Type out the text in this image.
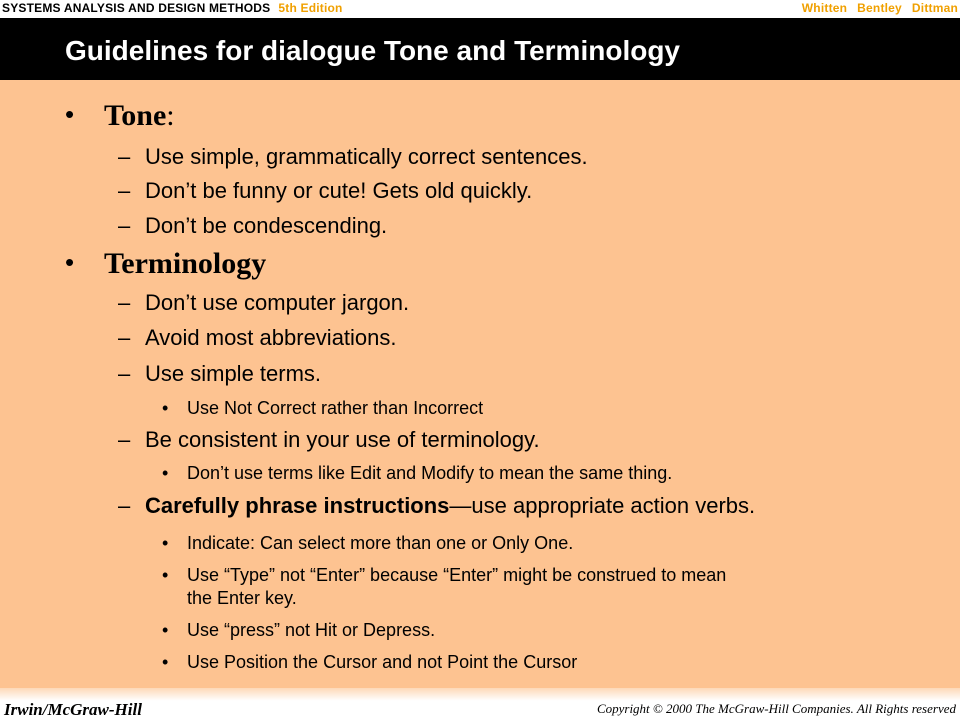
SYSTEMS ANALYSIS AND DESIGN METHODS 5th Edition	Whitten Bentley Dittman
Guidelines for dialogue Tone and Terminology
• Tone:
– Use simple, grammatically correct sentences.
– Don’t be funny or cute! Gets old quickly.
– Don’t be condescending.
• Terminology
– Don’t use computer jargon.
– Avoid most abbreviations.
– Use simple terms.
• Use Not Correct rather than Incorrect
– Be consistent in your use of terminology.
• Don’t use terms like Edit and Modify to mean the same thing.
– Carefully phrase instructions—use appropriate action verbs.
• Indicate: Can select more than one or Only One.
• Use “Type” not “Enter” because “Enter” might be construed to mean
the Enter key.
• Use “press” not Hit or Depress.
• Use Position the Cursor and not Point the Cursor
Irwin/McGraw-Hill	Copyright © 2000 The McGraw-Hill Companies. All Rights reserved
